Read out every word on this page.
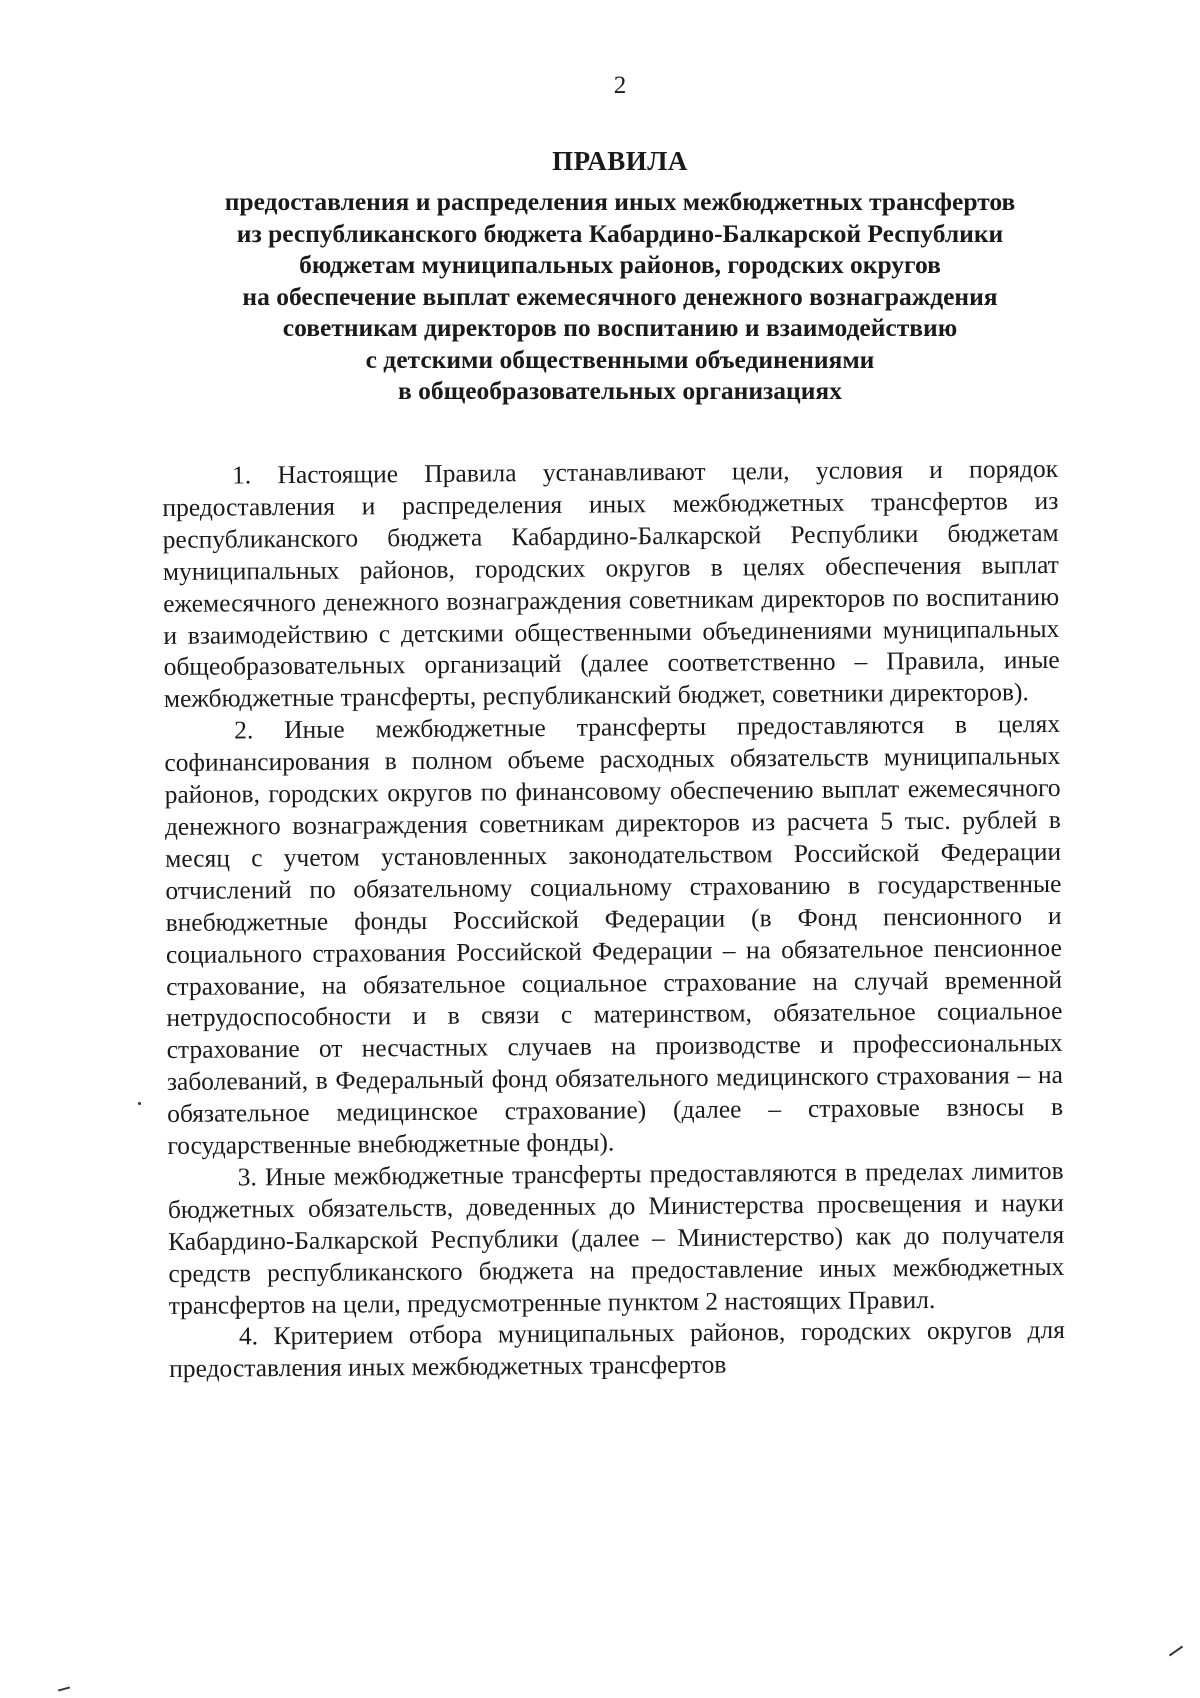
2
ПРАВИЛА
предоставления и распределения иных межбюджетных трансфертов
из республиканского бюджета Кабардино-Балкарской Республики
бюджетам муниципальных районов, городских округов
на обеспечение выплат ежемесячного денежного вознаграждения
советникам директоров по воспитанию и взаимодействию
с детскими общественными объединениями
в общеобразовательных организациях

1. Настоящие Правила устанавливают цели, условия и порядок предоставления и распределения иных межбюджетных трансфертов из республиканского бюджета Кабардино-Балкарской Республики бюджетам муниципальных районов, городских округов в целях обеспечения выплат ежемесячного денежного вознаграждения советникам директоров по воспитанию и взаимодействию с детскими общественными объединениями муниципальных общеобразовательных организаций (далее соответственно – Правила, иные межбюджетные трансферты, республиканский бюджет, советники директоров).

2. Иные межбюджетные трансферты предоставляются в целях софинансирования в полном объеме расходных обязательств муниципальных районов, городских округов по финансовому обеспечению выплат ежемесячного денежного вознаграждения советникам директоров из расчета 5 тыс. рублей в месяц с учетом установленных законодательством Российской Федерации отчислений по обязательному социальному страхованию в государственные внебюджетные фонды Российской Федерации (в Фонд пенсионного и социального страхования Российской Федерации – на обязательное пенсионное страхование, на обязательное социальное страхование на случай временной нетрудоспособности и в связи с материнством, обязательное социальное страхование от несчастных случаев на производстве и профессиональных заболеваний, в Федеральный фонд обязательного медицинского страхования – на обязательное медицинское страхование) (далее – страховые взносы в государственные внебюджетные фонды).

3. Иные межбюджетные трансферты предоставляются в пределах лимитов бюджетных обязательств, доведенных до Министерства просвещения и науки Кабардино-Балкарской Республики (далее – Министерство) как до получателя средств республиканского бюджета на предоставление иных межбюджетных трансфертов на цели, предусмотренные пунктом 2 настоящих Правил.

4. Критерием отбора муниципальных районов, городских округов для предоставления иных межбюджетных трансфертов
